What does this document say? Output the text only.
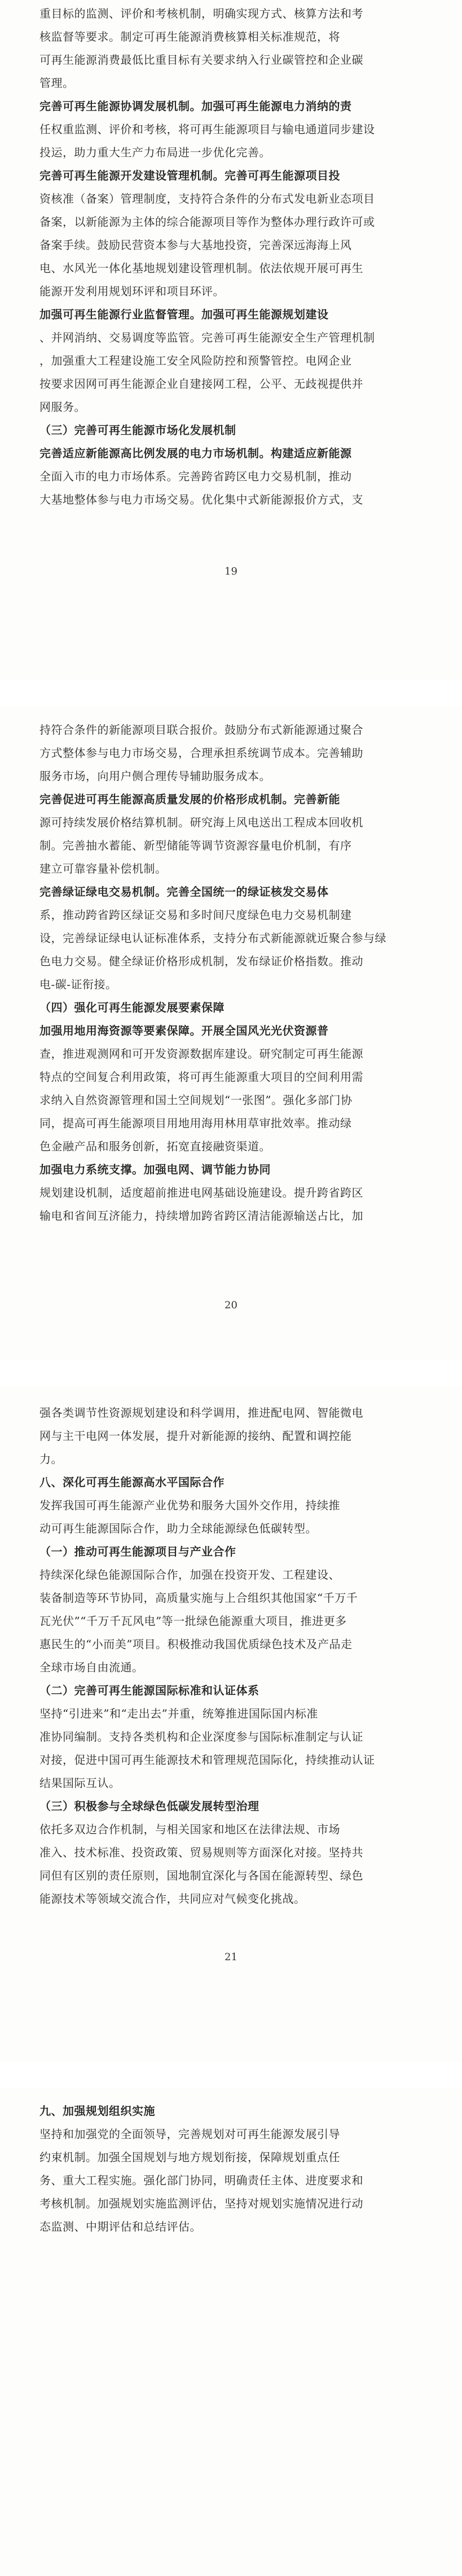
重目标的监测、评价和考核机制，明确实现方式、核算方法和考
核监督等要求。制定可再生能源消费核算相关标准规范，将
可再生能源消费最低比重目标有关要求纳入行业碳管控和企业碳
管理。
完善可再生能源协调发展机制。加强可再生能源电力消纳的责
任权重监测、评价和考核，将可再生能源项目与输电通道同步建设
投运，助力重大生产力布局进一步优化完善。
完善可再生能源开发建设管理机制。完善可再生能源项目投
资核准（备案）管理制度，支持符合条件的分布式发电新业态项目
备案，以新能源为主体的综合能源项目等作为整体办理行政许可或
备案手续。鼓励民营资本参与大基地投资，完善深远海海上风
电、水风光一体化基地规划建设管理机制。依法依规开展可再生
能源开发利用规划环评和项目环评。
加强可再生能源行业监督管理。加强可再生能源规划建设
、并网消纳、交易调度等监管。完善可再生能源安全生产管理机制
，加强重大工程建设施工安全风险防控和预警管控。电网企业
按要求因网可再生能源企业自建接网工程，公平、无歧视提供并
网服务。
（三）完善可再生能源市场化发展机制
完善适应新能源高比例发展的电力市场机制。构建适应新能源
全面入市的电力市场体系。完善跨省跨区电力交易机制，推动
大基地整体参与电力市场交易。优化集中式新能源报价方式，支
19
持符合条件的新能源项目联合报价。鼓励分布式新能源通过聚合
方式整体参与电力市场交易，合理承担系统调节成本。完善辅助
服务市场，向用户侧合理传导辅助服务成本。
完善促进可再生能源高质量发展的价格形成机制。完善新能
源可持续发展价格结算机制。研究海上风电送出工程成本回收机
制。完善抽水蓄能、新型储能等调节资源容量电价机制，有序
建立可靠容量补偿机制。
完善绿证绿电交易机制。完善全国统一的绿证核发交易体
系，推动跨省跨区绿证交易和多时间尺度绿色电力交易机制建
设，完善绿证绿电认证标准体系，支持分布式新能源就近聚合参与绿
色电力交易。健全绿证价格形成机制，发布绿证价格指数。推动
电-碳-证衔接。
（四）强化可再生能源发展要素保障
加强用地用海资源等要素保障。开展全国风光光伏资源普
查，推进观测网和可开发资源数据库建设。研究制定可再生能源
特点的空间复合利用政策，将可再生能源重大项目的空间利用需
求纳入自然资源管理和国土空间规划“一张图”。强化多部门协
同，提高可再生能源项目用地用海用林用草审批效率。推动绿
色金融产品和服务创新，拓宽直接融资渠道。
加强电力系统支撑。加强电网、调节能力协同
规划建设机制，适度超前推进电网基础设施建设。提升跨省跨区
输电和省间互济能力，持续增加跨省跨区清洁能源输送占比，加
20
强各类调节性资源规划建设和科学调用，推进配电网、智能微电
网与主干电网一体发展，提升对新能源的接纳、配置和调控能
力。
八、深化可再生能源高水平国际合作
发挥我国可再生能源产业优势和服务大国外交作用，持续推
动可再生能源国际合作，助力全球能源绿色低碳转型。
（一）推动可再生能源项目与产业合作
持续深化绿色能源国际合作，加强在投资开发、工程建设、
装备制造等环节协同，高质量实施与上合组织其他国家“千万千
瓦光伏”“千万千瓦风电”等一批绿色能源重大项目，推进更多
惠民生的“小而美”项目。积极推动我国优质绿色技术及产品走
全球市场自由流通。
（二）完善可再生能源国际标准和认证体系
坚持“引进来”和“走出去”并重，统筹推进国际国内标准
准协同编制。支持各类机构和企业深度参与国际标准制定与认证
对接，促进中国可再生能源技术和管理规范国际化，持续推动认证
结果国际互认。
（三）积极参与全球绿色低碳发展转型治理
依托多双边合作机制，与相关国家和地区在法律法规、市场
准入、技术标准、投资政策、贸易规则等方面深化对接。坚持共
同但有区别的责任原则，国地制宜深化与各国在能源转型、绿色
能源技术等领域交流合作，共同应对气候变化挑战。
21
九、加强规划组织实施
坚持和加强党的全面领导，完善规划对可再生能源发展引导
约束机制。加强全国规划与地方规划衔接，保障规划重点任
务、重大工程实施。强化部门协同，明确责任主体、进度要求和
考核机制。加强规划实施监测评估，坚持对规划实施情况进行动
态监测、中期评估和总结评估。
